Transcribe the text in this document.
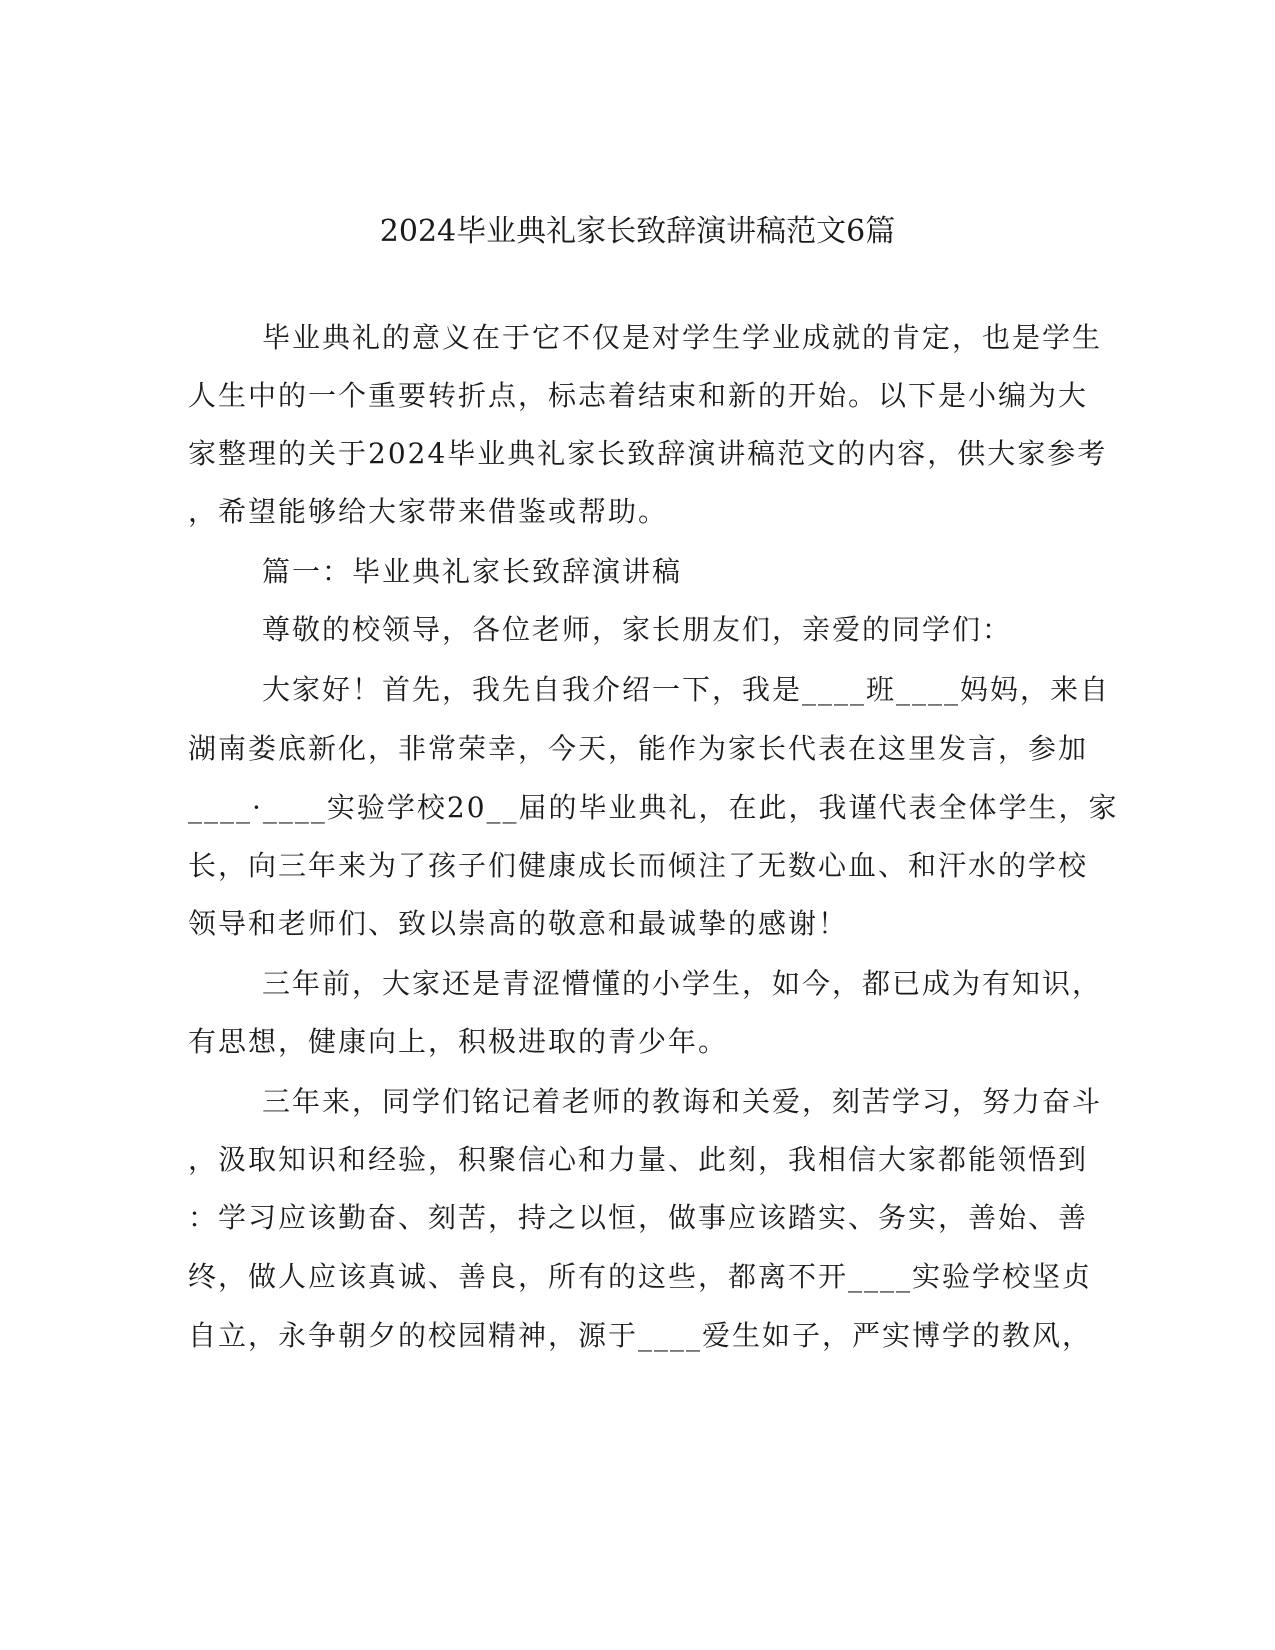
2024毕业典礼家长致辞演讲稿范文6篇

毕业典礼的意义在于它不仅是对学生学业成就的肯定，也是学生

人生中的一个重要转折点，标志着结束和新的开始。以下是小编为大

家整理的关于2024毕业典礼家长致辞演讲稿范文的内容，供大家参考

，希望能够给大家带来借鉴或帮助。

篇一：毕业典礼家长致辞演讲稿

尊敬的校领导，各位老师，家长朋友们，亲爱的同学们：

大家好！首先，我先自我介绍一下，我是____班____妈妈，来自

湖南娄底新化，非常荣幸，今天，能作为家长代表在这里发言，参加

____·____实验学校20__届的毕业典礼，在此，我谨代表全体学生，家

长，向三年来为了孩子们健康成长而倾注了无数心血、和汗水的学校

领导和老师们、致以崇高的敬意和最诚挚的感谢！

三年前，大家还是青涩懵懂的小学生，如今，都已成为有知识，

有思想，健康向上，积极进取的青少年。

三年来，同学们铭记着老师的教诲和关爱，刻苦学习，努力奋斗

，汲取知识和经验，积聚信心和力量、此刻，我相信大家都能领悟到

：学习应该勤奋、刻苦，持之以恒，做事应该踏实、务实，善始、善

终，做人应该真诚、善良，所有的这些，都离不开____实验学校坚贞

自立，永争朝夕的校园精神，源于____爱生如子，严实博学的教风，
